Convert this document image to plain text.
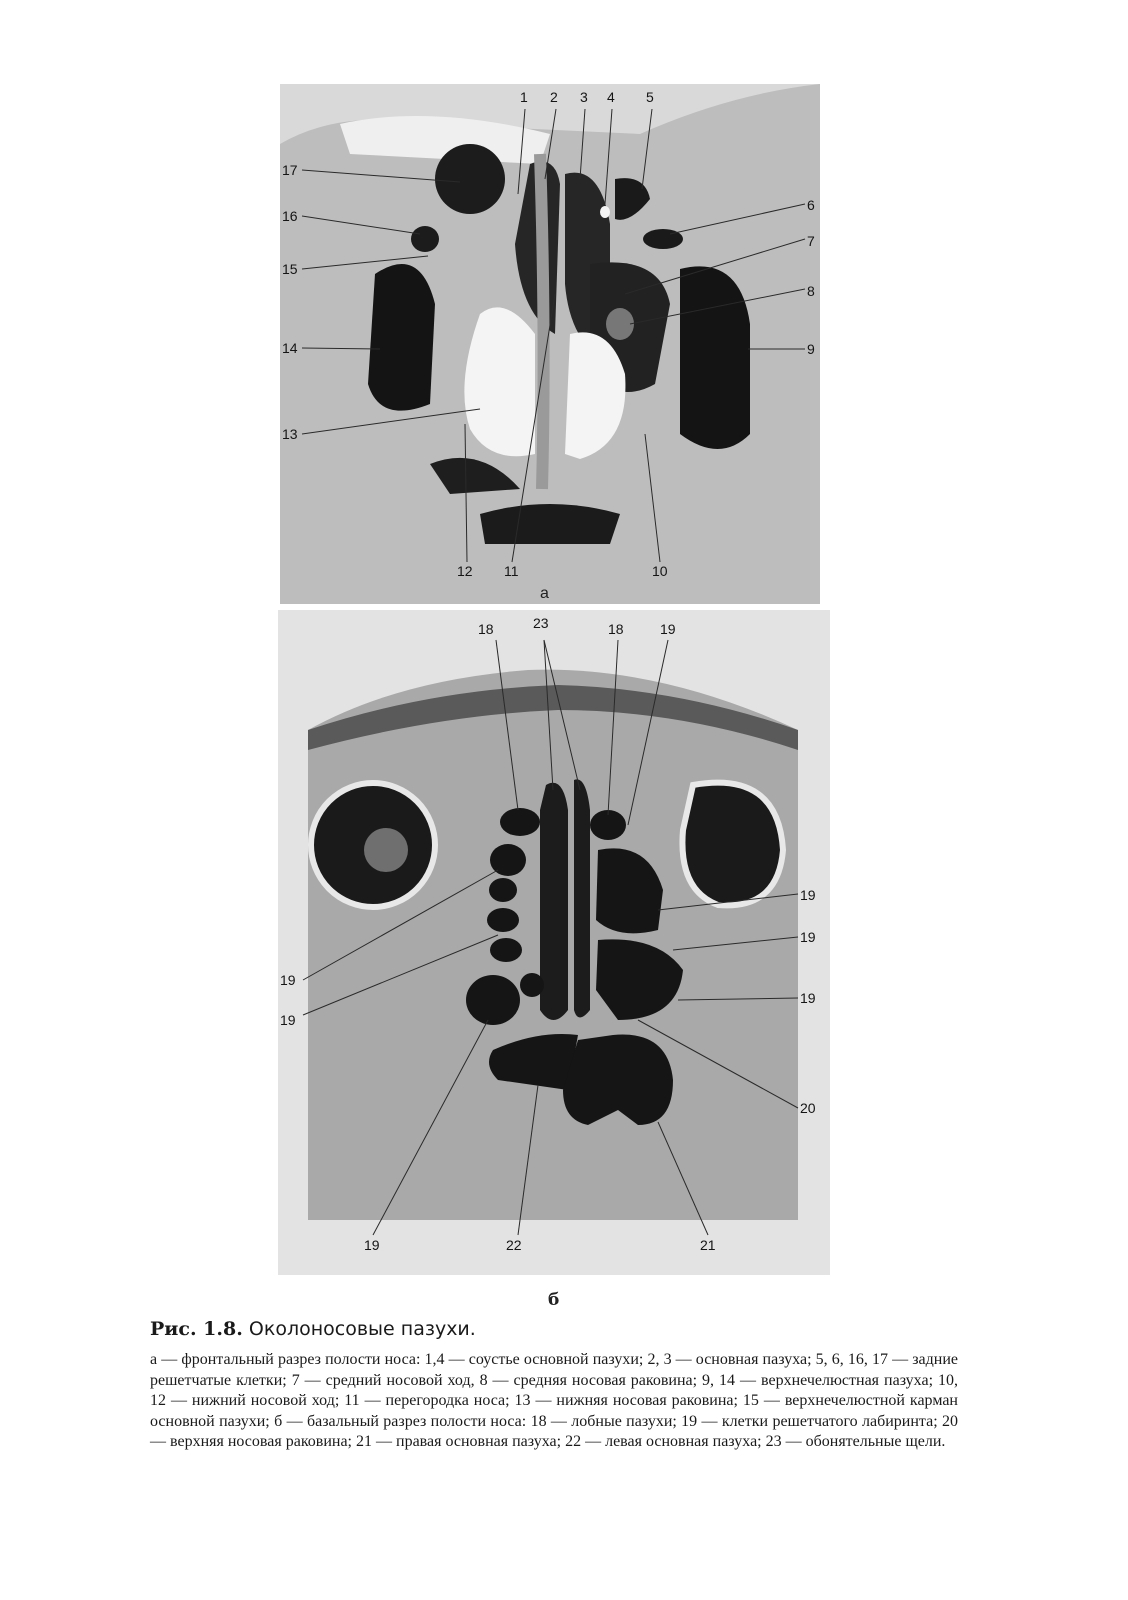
1 2 3 4 5
6
7
8
9
10
11
12
13
14
15
16
17
а
18	23	18	19
19
19
19
19
19
20
19	22	21
б

Рис. 1.8. Околоносовые пазухи.

а — фронтальный разрез полости носа: 1,4 — соустье основной пазухи; 2, 3 — основная пазуха; 5, 6, 16, 17 — задние решетчатые клетки; 7 — средний носовой ход, 8 — средняя носовая раковина; 9, 14 — верхнечелюстная пазуха; 10, 12 — нижний носовой ход; 11 — перегородка носа; 13 — нижняя носовая раковина; 15 — верхнечелюстной карман основной пазухи; б — базальный разрез полости носа: 18 — лобные пазухи; 19 — клетки решетчатого лабиринта; 20 — верхняя носовая раковина; 21 — правая основная пазуха; 22 — левая основная пазуха; 23 — обонятельные щели.
